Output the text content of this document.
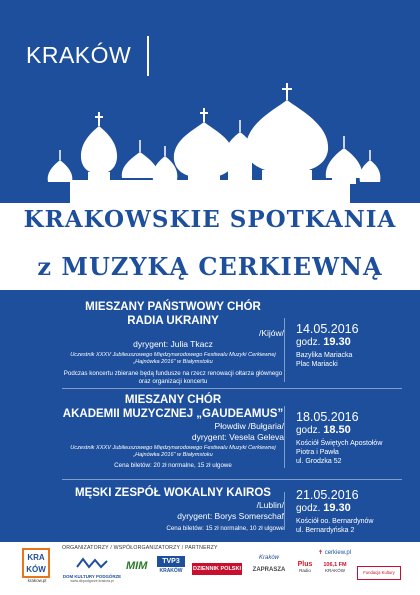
KRAKÓW
KRAKOWSKIE SPOTKANIA
z MUZYKĄ CERKIEWNĄ
MIESZANY PAŃSTWOWY CHÓR
RADIA UKRAINY
/Kijów/
dyrygent: Julia Tkacz
Uczestnik XXXV Jubileuszowego Międzynarodowego Festiwalu Muzyki Cerkiewnej „Hajnówka 2016” w Białymstoku
Podczas koncertu zbierane będą fundusze na rzecz renowacji ołtarza głównego oraz organizacji koncertu
14.05.2016
godz. 19.30
Bazylika Mariacka
Plac Mariacki
MIESZANY CHÓR
AKADEMII MUZYCZNEJ „GAUDEAMUS”
Płowdiw /Bułgaria/
dyrygent: Vesela Geleva
Uczestnik XXXV Jubileuszowego Międzynarodowego Festiwalu Muzyki Cerkiewnej „Hajnówka 2016” w Białymstoku
Cena biletów: 20 zł normalne, 15 zł ulgowe
18.05.2016
godz. 18.50
Kościół Świętych Apostołów
Piotra i Pawła
ul. Grodzka 52
MĘSKI ZESPÓŁ WOKALNY KAIROS
/Lublin/
dyrygent: Borys Somerschaf
Cena biletów: 15 zł normalne, 10 zł ulgowe
21.05.2016
godz. 19.30
Kościół oo. Bernardynów
ul. Bernardyńska 2
ORGANIZATORZY / WSPÓŁORGANIZATORZY / PARTNERZY
KRA
KÓW
krakow.pl
DOM KULTURY PODGÓRZE
www.dkpodgorze.krakow.pl
MIM	TVP3
KRAKÓW	DZIENNIK POLSKI
Kraków
ZAPRASZA
Plus
Radio
✝ cerkiew.pl
106,1 FM
KRAKÓW	Fundacja Kultury
